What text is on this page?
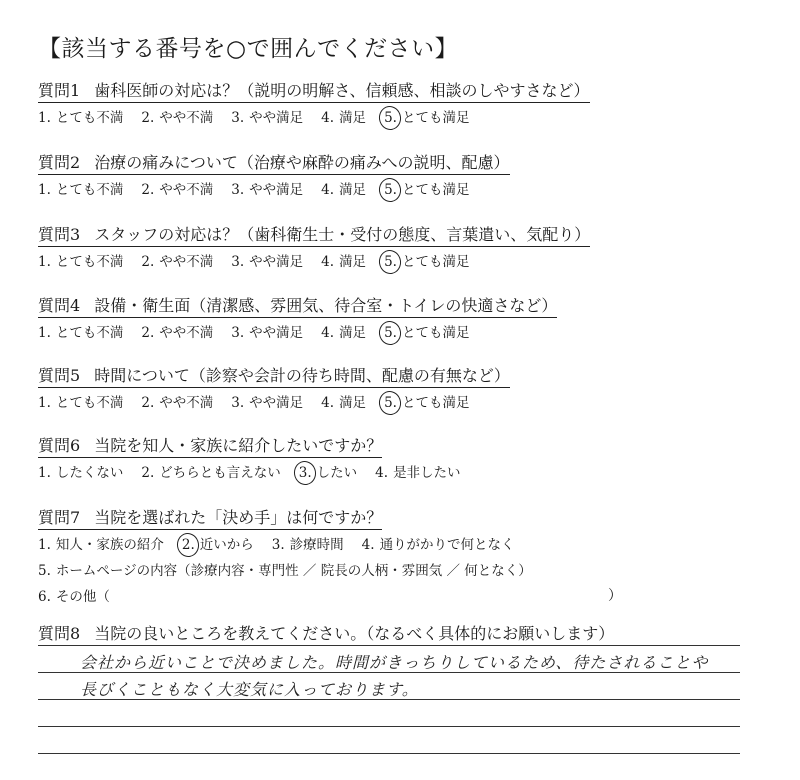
【該当する番号を○で囲んでください】
質問1 歯科医師の対応は？（説明の明解さ、信頼感、相談のしやすさなど）
1. とても不満 2. やや不満 3. やや満足 4. 満足 5. とても満足
質問2 治療の痛みについて（治療や麻酔の痛みへの説明、配慮）
1. とても不満 2. やや不満 3. やや満足 4. 満足 5. とても満足
質問3 スタッフの対応は？（歯科衛生士・受付の態度、言葉遣い、気配り）
1. とても不満 2. やや不満 3. やや満足 4. 満足 5. とても満足
質問4 設備・衛生面（清潔感、雰囲気、待合室・トイレの快適さなど）
1. とても不満 2. やや不満 3. やや満足 4. 満足 5. とても満足
質問5 時間について（診察や会計の待ち時間、配慮の有無など）
1. とても不満 2. やや不満 3. やや満足 4. 満足 5. とても満足
質問6 当院を知人・家族に紹介したいですか？
1. したくない 2. どちらとも言えない 3. したい 4. 是非したい
質問7 当院を選ばれた「決め手」は何ですか？
1. 知人・家族の紹介 2. 近いから 3. 診療時間 4. 通りがかりで何となく
5. ホームページの内容（診療内容・専門性 ／ 院長の人柄・雰囲気 ／ 何となく）
6. その他（	）
質問8 当院の良いところを教えてください。（なるべく具体的にお願いします）
会社から近いことで決めました。時間がきっちりしているため、待たされることや
長びくこともなく大変気に入っております。
